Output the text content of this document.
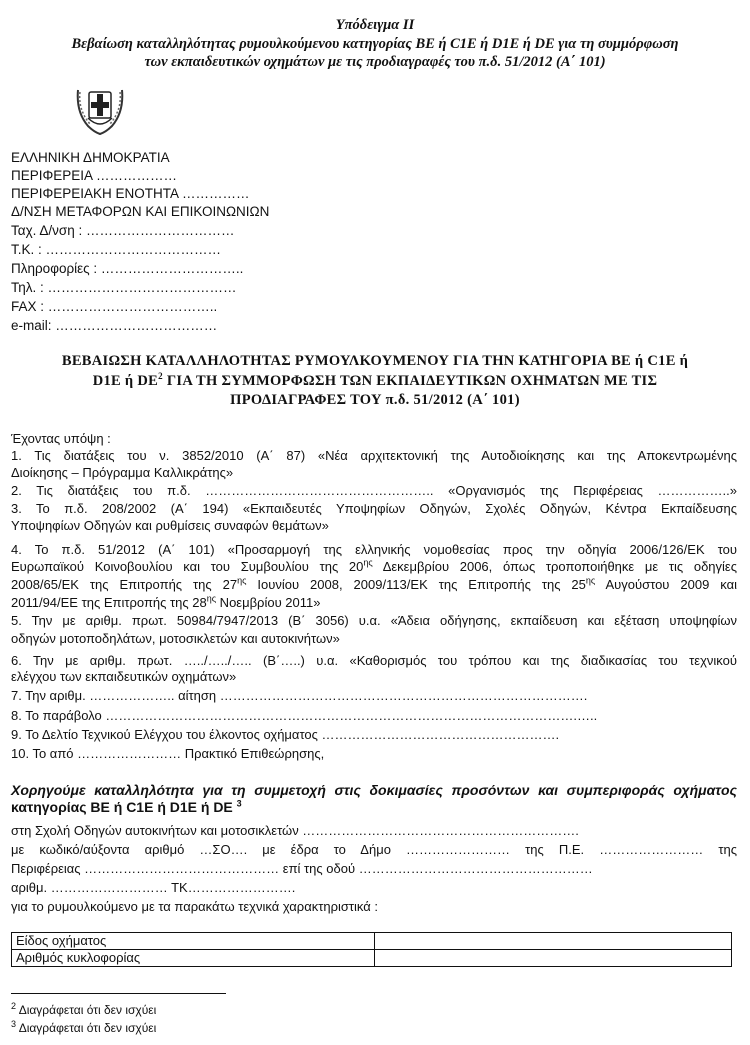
Υπόδειγμα ΙΙ
Βεβαίωση καταλληλότητας ρυμουλκούμενου κατηγορίας BE ή C1E ή D1E ή DE για τη συμμόρφωση
των εκπαιδευτικών οχημάτων με τις προδιαγραφές του π.δ. 51/2012 (Α΄ 101)
ΕΛΛΗΝΙΚΗ ΔΗΜΟΚΡΑΤΙΑ
ΠΕΡΙΦΕΡΕΙΑ ………………
ΠΕΡΙΦΕΡΕΙΑΚΗ ΕΝΟΤΗΤΑ ……………
Δ/ΝΣΗ ΜΕΤΑΦΟΡΩΝ ΚΑΙ ΕΠΙΚΟΙΝΩΝΙΩΝ
Ταχ. Δ/νση : ……………………………
Τ.Κ. : …………………………………
Πληροφορίες : …………………………..
Τηλ. : ……………………………………
FAX : ………………………………..
e-mail: ………………………………
ΒΕΒΑΙΩΣΗ ΚΑΤΑΛΛΗΛΟΤΗΤΑΣ ΡΥΜΟΥΛΚΟΥΜΕΝΟΥ ΓΙΑ ΤΗΝ ΚΑΤΗΓΟΡΙΑ BE ή C1E ή
D1E ή $DE^2$ ΓΙΑ ΤΗ ΣΥΜΜΟΡΦΩΣΗ ΤΩΝ ΕΚΠΑΙΔΕΥΤΙΚΩΝ ΟΧΗΜΑΤΩΝ ΜΕ ΤΙΣ
ΠΡΟΔΙΑΓΡΑΦΕΣ ΤΟΥ π.δ. 51/2012 (Α΄ 101)
Έχοντας υπόψη :
1. Τις διατάξεις του ν. 3852/2010 (Α΄ 87) «Νέα αρχιτεκτονική της Αυτοδιοίκησης και της Αποκεντρωμένης
Διοίκησης – Πρόγραμμα Καλλικράτης»
2. Τις διατάξεις του π.δ. …………………………………………….. «Οργανισμός της Περιφέρειας ……………..»
3. Το π.δ. 208/2002 (Α΄ 194) «Εκπαιδευτές Υποψηφίων Οδηγών, Σχολές Οδηγών, Κέντρα Εκπαίδευσης
Υποψηφίων Οδηγών και ρυθμίσεις συναφών θεμάτων»
4. Το π.δ. 51/2012 (Α΄ 101) «Προσαρμογή της ελληνικής νομοθεσίας προς την οδηγία 2006/126/ΕΚ του
Ευρωπαϊκού Κοινοβουλίου και του Συμβουλίου της $20^{\eta\varsigma}$ Δεκεμβρίου 2006, όπως τροποποιήθηκε με τις οδηγίες
2008/65/ΕΚ της Επιτροπής της $27^{\eta\varsigma}$ Ιουνίου 2008, 2009/113/ΕΚ της Επιτροπής της $25^{\eta\varsigma}$ Αυγούστου 2009 και
2011/94/ΕΕ της Επιτροπής της $28^{\eta\varsigma}$ Νοεμβρίου 2011»
5. Την με αριθμ. πρωτ. 50984/7947/2013 (Β΄ 3056) υ.α. «Άδεια οδήγησης, εκπαίδευση και εξέταση υποψηφίων
οδηγών μοτοποδηλάτων, μοτοσικλετών και αυτοκινήτων»
6. Την με αριθμ. πρωτ. …../…../….. (Β΄…..) υ.α. «Καθορισμός του τρόπου και της διαδικασίας του τεχνικού
ελέγχου των εκπαιδευτικών οχημάτων»
7. Την αριθμ. ……………….. αίτηση ………………………………………………………………………….
8. Το παράβολο ……………………………………………………………………………………………….…..
9. Το Δελτίο Τεχνικού Ελέγχου του έλκοντος οχήματος ……………………………………………….
10. Το από …………………… Πρακτικό Επιθεώρησης,
Χορηγούμε καταλληλότητα για τη συμμετοχή στις δοκιμασίες προσόντων και συμπεριφοράς οχήματος
κατηγορίας BE ή C1E ή D1E ή DE $^3$
στη Σχολή Οδηγών αυτοκινήτων και μοτοσικλετών ……………………………………………………….
με κωδικό/αύξοντα αριθμό …ΣΟ…. με έδρα το Δήμο …………………… της Π.Ε. …………………… της
Περιφέρειας ……………………………………… επί της οδού ………………………………………………
αριθμ. ……………………… ΤΚ…………………….
για το ρυμουλκούμενο με τα παρακάτω τεχνικά χαρακτηριστικά :
Είδος οχήματος	
Αριθμός κυκλοφορίας	
$^2$ Διαγράφεται ότι δεν ισχύει
$^3$ Διαγράφεται ότι δεν ισχύει
